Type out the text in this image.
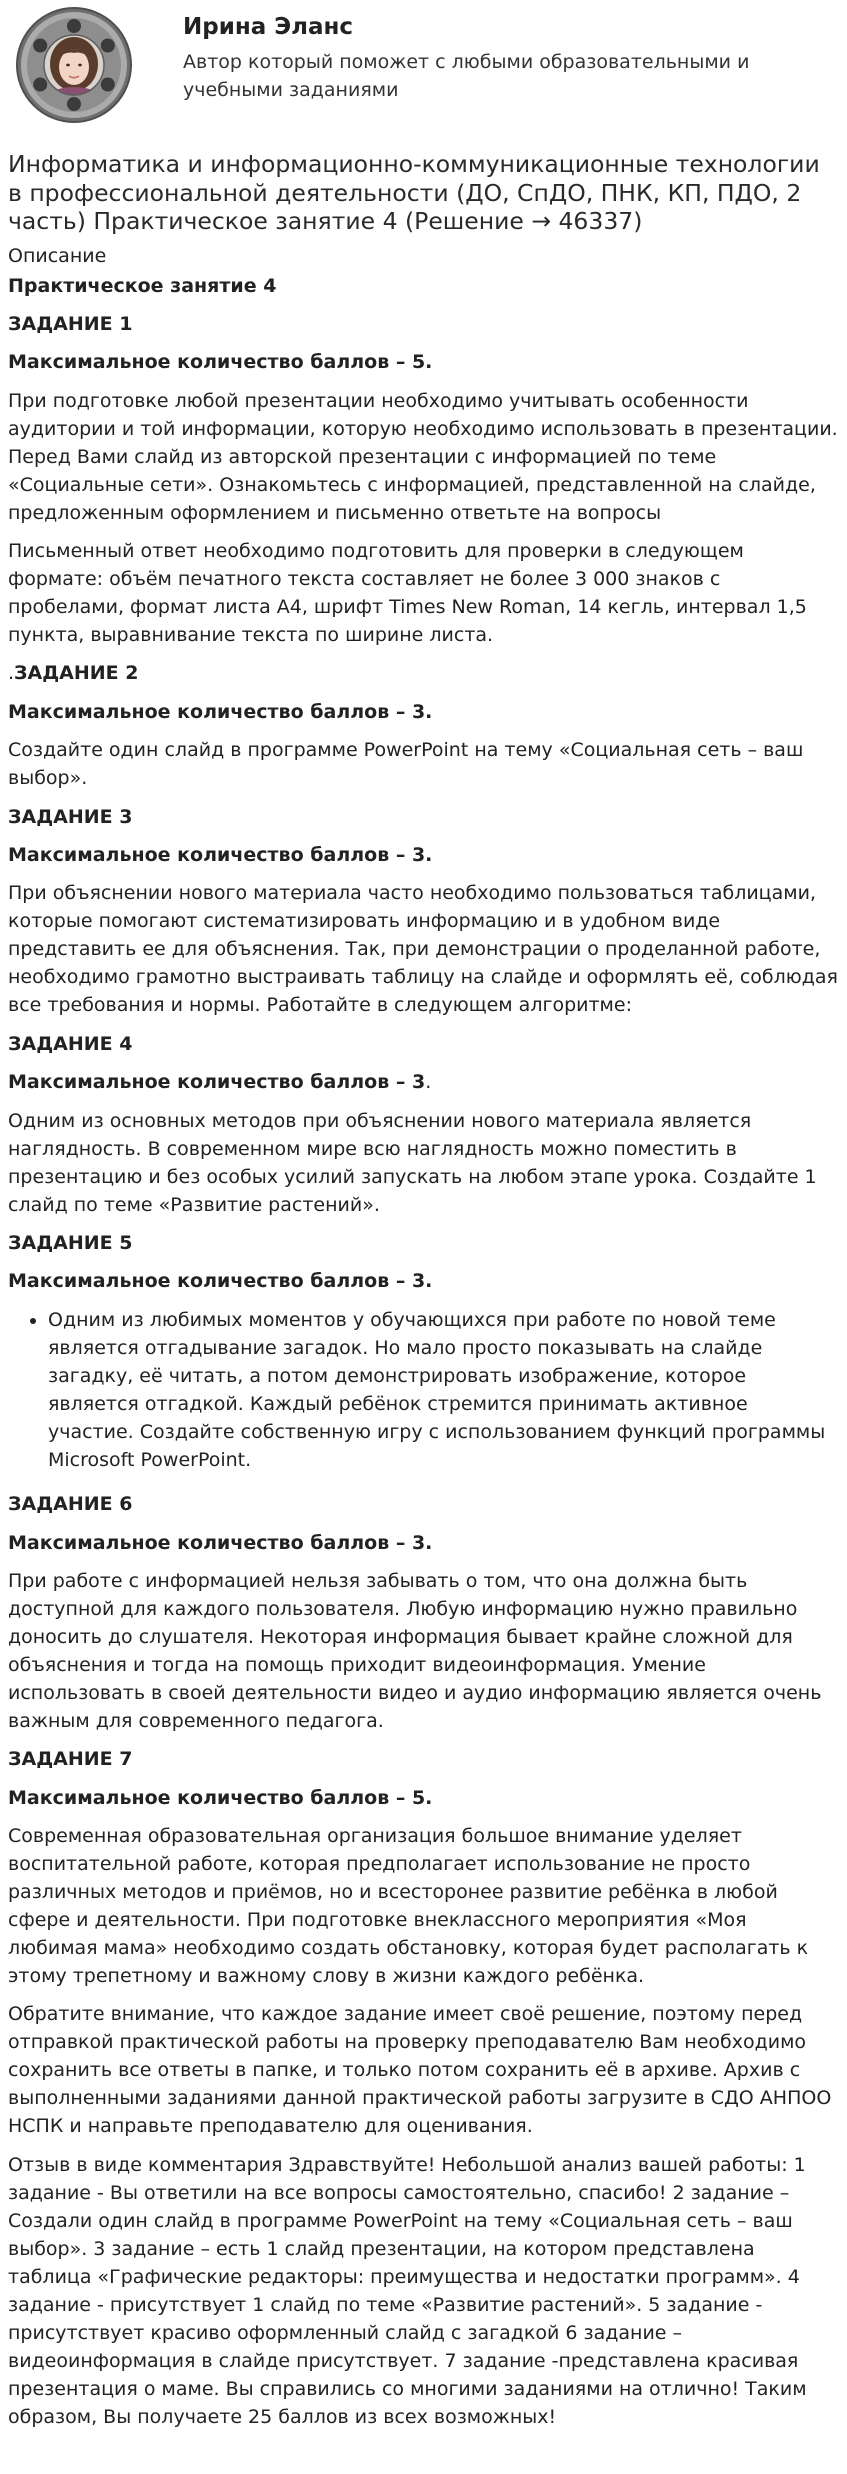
Ирина Эланс
Автор который поможет с любыми образовательными и учебными заданиями
Информатика и информационно-коммуникационные технологии в профессиональной деятельности (ДО, СпДО, ПНК, КП, ПДО, 2 часть) Практическое занятие 4 (Решение → 46337)
Описание
Практическое занятие 4
ЗАДАНИЕ 1
Максимальное количество баллов – 5.

При подготовке любой презентации необходимо учитывать особенности аудитории и той информации, которую необходимо использовать в презентации. Перед Вами слайд из авторской презентации с информацией по теме «Социальные сети». Ознакомьтесь с информацией, представленной на слайде, предложенным оформлением и письменно ответьте на вопросы

Письменный ответ необходимо подготовить для проверки в следующем формате: объём печатного текста составляет не более 3 000 знаков с пробелами, формат листа А4, шрифт Times New Roman, 14 кегль, интервал 1,5 пункта, выравнивание текста по ширине листа.

.ЗАДАНИЕ 2
Максимальное количество баллов – 3.

Создайте один слайд в программе PowerPoint на тему «Социальная сеть – ваш выбор».

ЗАДАНИЕ 3
Максимальное количество баллов – 3.

При объяснении нового материала часто необходимо пользоваться таблицами, которые помогают систематизировать информацию и в удобном виде представить ее для объяснения. Так, при демонстрации о проделанной работе, необходимо грамотно выстраивать таблицу на слайде и оформлять её, соблюдая все требования и нормы. Работайте в следующем алгоритме:

ЗАДАНИЕ 4
Максимальное количество баллов – 3.

Одним из основных методов при объяснении нового материала является наглядность. В современном мире всю наглядность можно поместить в презентацию и без особых усилий запускать на любом этапе урока. Создайте 1 слайд по теме «Развитие растений».

ЗАДАНИЕ 5
Максимальное количество баллов – 3.
• Одним из любимых моментов у обучающихся при работе по новой теме является отгадывание загадок. Но мало просто показывать на слайде загадку, её читать, а потом демонстрировать изображение, которое является отгадкой. Каждый ребёнок стремится принимать активное участие. Создайте собственную игру с использованием функций программы Microsoft PowerPoint.
ЗАДАНИЕ 6
Максимальное количество баллов – 3.

При работе с информацией нельзя забывать о том, что она должна быть доступной для каждого пользователя. Любую информацию нужно правильно доносить до слушателя. Некоторая информация бывает крайне сложной для объяснения и тогда на помощь приходит видеоинформация. Умение использовать в своей деятельности видео и аудио информацию является очень важным для современного педагога.

ЗАДАНИЕ 7
Максимальное количество баллов – 5.

Современная образовательная организация большое внимание уделяет воспитательной работе, которая предполагает использование не просто различных методов и приёмов, но и всесторонее развитие ребёнка в любой сфере и деятельности. При подготовке внеклассного мероприятия «Моя любимая мама» необходимо создать обстановку, которая будет располагать к этому трепетному и важному слову в жизни каждого ребёнка.

Обратите внимание, что каждое задание имеет своё решение, поэтому перед отправкой практической работы на проверку преподавателю Вам необходимо сохранить все ответы в папке, и только потом сохранить её в архиве. Архив с выполненными заданиями данной практической работы загрузите в СДО АНПОО НСПК и направьте преподавателю для оценивания.

Отзыв в виде комментария Здравствуйте! Небольшой анализ вашей работы: 1 задание - Вы ответили на все вопросы самостоятельно, спасибо! 2 задание – Создали один слайд в программе PowerPoint на тему «Социальная сеть – ваш выбор». 3 задание – есть 1 слайд презентации, на котором представлена таблица «Графические редакторы: преимущества и недостатки программ». 4 задание - присутствует 1 слайд по теме «Развитие растений». 5 задание - присутствует красиво оформленный слайд с загадкой 6 задание – видеоинформация в слайде присутствует. 7 задание -представлена красивая презентация о маме. Вы справились со многими заданиями на отлично! Таким образом, Вы получаете 25 баллов из всех возможных!
